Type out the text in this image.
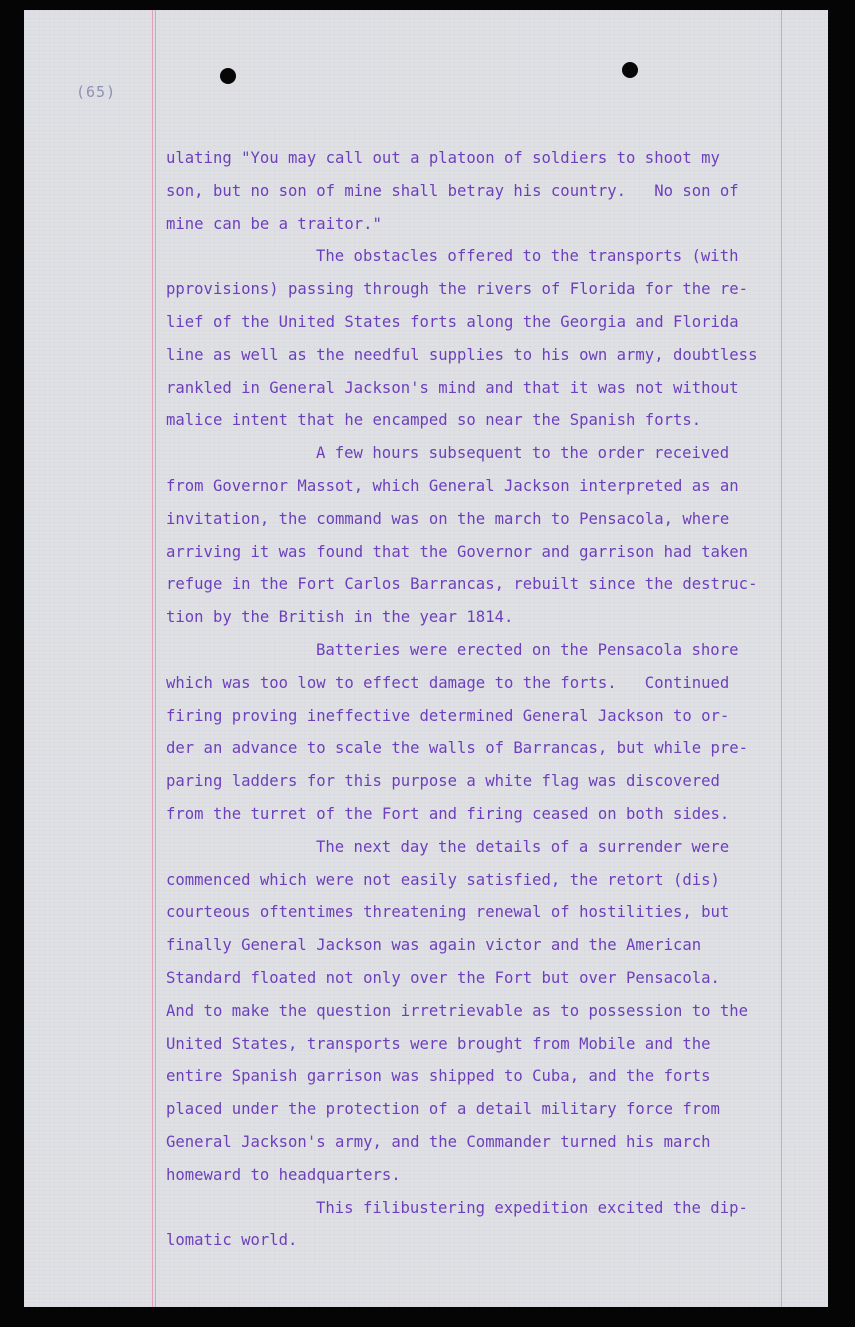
(65)
ulating "You may call out a platoon of soldiers to shoot my
son, but no son of mine shall betray his country.   No son of
mine can be a traitor."
The obstacles offered to the transports (with
pprovisions) passing through the rivers of Florida for the re-
lief of the United States forts along the Georgia and Florida
line as well as the needful supplies to his own army, doubtless
rankled in General Jackson's mind and that it was not without
malice intent that he encamped so near the Spanish forts.
A few hours subsequent to the order received
from Governor Massot, which General Jackson interpreted as an
invitation, the command was on the march to Pensacola, where
arriving it was found that the Governor and garrison had taken
refuge in the Fort Carlos Barrancas, rebuilt since the destruc-
tion by the British in the year 1814.
Batteries were erected on the Pensacola shore
which was too low to effect damage to the forts.   Continued
firing proving ineffective determined General Jackson to or-
der an advance to scale the walls of Barrancas, but while pre-
paring ladders for this purpose a white flag was discovered
from the turret of the Fort and firing ceased on both sides.
The next day the details of a surrender were
commenced which were not easily satisfied, the retort (dis)
courteous oftentimes threatening renewal of hostilities, but
finally General Jackson was again victor and the American
Standard floated not only over the Fort but over Pensacola.
And to make the question irretrievable as to possession to the
United States, transports were brought from Mobile and the
entire Spanish garrison was shipped to Cuba, and the forts
placed under the protection of a detail military force from
General Jackson's army, and the Commander turned his march
homeward to headquarters.
This filibustering expedition excited the dip-
lomatic world.
